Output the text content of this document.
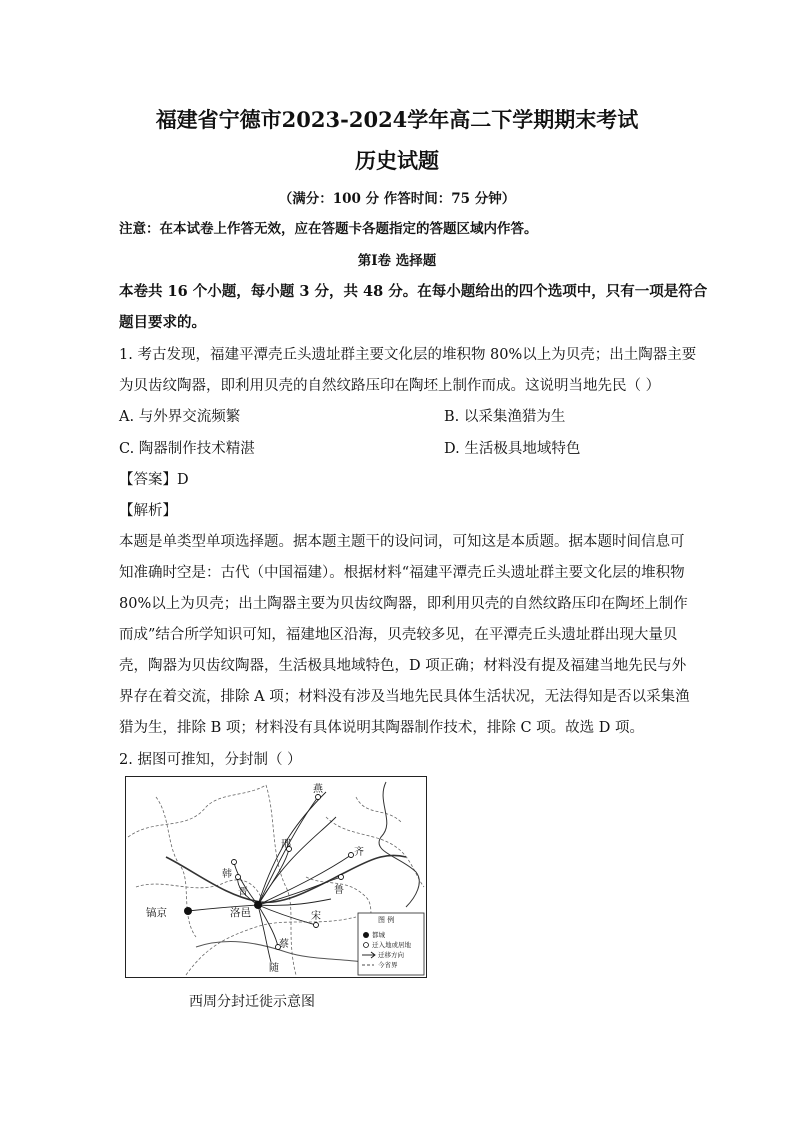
福建省宁德市2023-2024学年高二下学期期末考试
历史试题
（满分：100 分 作答时间：75 分钟）
注意：在本试卷上作答无效，应在答题卡各题指定的答题区域内作答。
第Ⅰ卷 选择题
本卷共 16 个小题，每小题 3 分，共 48 分。在每小题给出的四个选项中，只有一项是符合
题目要求的。
1. 考古发现，福建平潭壳丘头遗址群主要文化层的堆积物 80%以上为贝壳；出土陶器主要
为贝齿纹陶器，即利用贝壳的自然纹路压印在陶坯上制作而成。这说明当地先民（ ）
A. 与外界交流频繁	B. 以采集渔猎为生
C. 陶器制作技术精湛	D. 生活极具地域特色
【答案】D
【解析】
本题是单类型单项选择题。据本题主题干的设问词，可知这是本质题。据本题时间信息可
知准确时空是：古代（中国福建）。根据材料“福建平潭壳丘头遗址群主要文化层的堆积物
80%以上为贝壳；出土陶器主要为贝齿纹陶器，即利用贝壳的自然纹路压印在陶坯上制作
而成”结合所学知识可知，福建地区沿海，贝壳较多见，在平潭壳丘头遗址群出现大量贝
壳，陶器为贝齿纹陶器，生活极具地域特色，D 项正确；材料没有提及福建当地先民与外
界存在着交流，排除 A 项；材料没有涉及当地先民具体生活状况，无法得知是否以采集渔
猎为生，排除 B 项；材料没有具体说明其陶器制作技术，排除 C 项。故选 D 项。
2. 据图可推知，分封制（ ）
燕
邢
齐
韩
晋
镐京	洛邑
鲁
宋
蔡
随
图 例
都城
迁入地或居地
迁移方向
今省界
西周分封迁徙示意图
